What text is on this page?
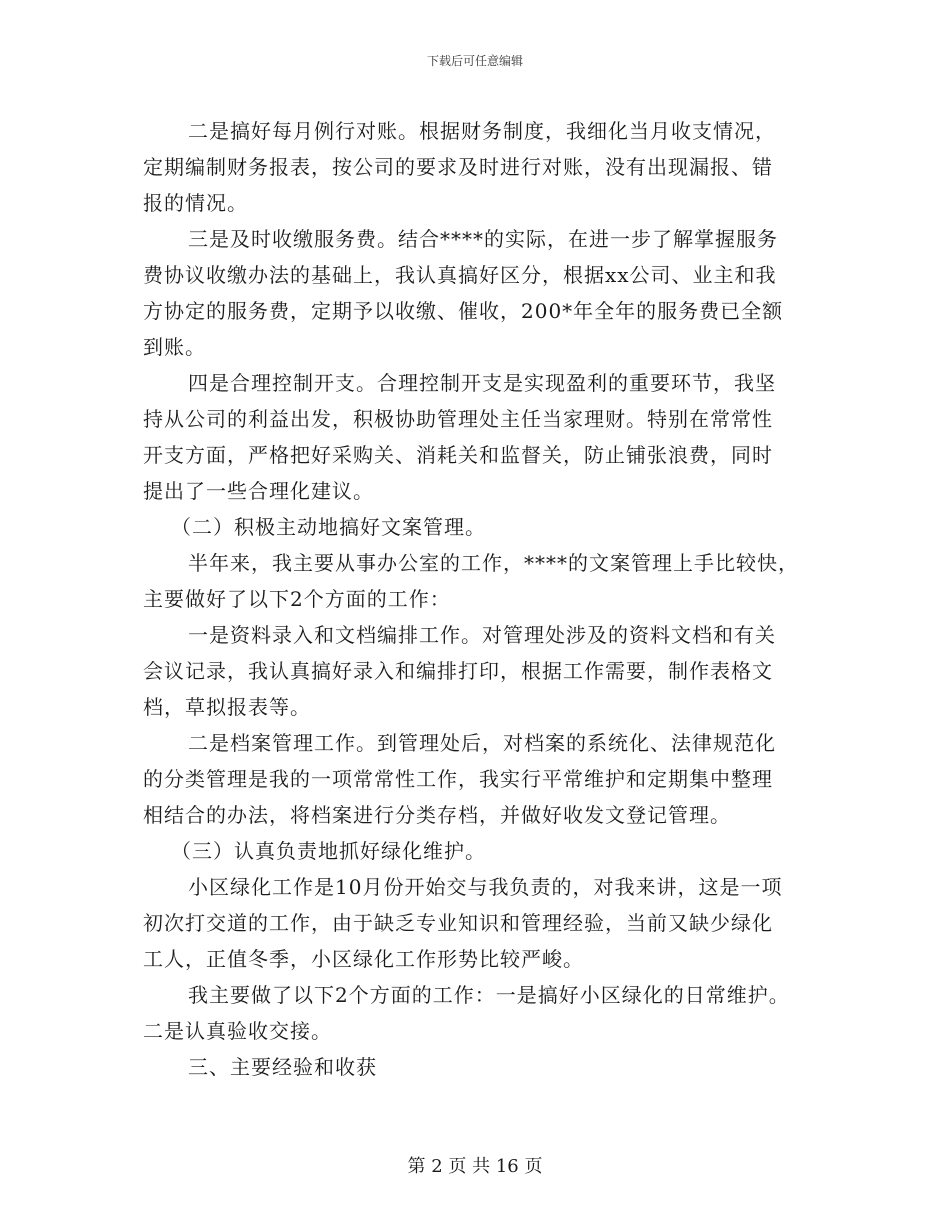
下载后可任意编辑
二是搞好每月例行对账。根据财务制度，我细化当月收支情况，
定期编制财务报表，按公司的要求及时进行对账，没有出现漏报、错
报的情况。
三是及时收缴服务费。结合****的实际，在进一步了解掌握服务
费协议收缴办法的基础上，我认真搞好区分，根据xx公司、业主和我
方协定的服务费，定期予以收缴、催收，200*年全年的服务费已全额
到账。
四是合理控制开支。合理控制开支是实现盈利的重要环节，我坚
持从公司的利益出发，积极协助管理处主任当家理财。特别在常常性
开支方面，严格把好采购关、消耗关和监督关，防止铺张浪费，同时
提出了一些合理化建议。
（二）积极主动地搞好文案管理。
半年来，我主要从事办公室的工作，****的文案管理上手比较快，
主要做好了以下2个方面的工作：
一是资料录入和文档编排工作。对管理处涉及的资料文档和有关
会议记录，我认真搞好录入和编排打印，根据工作需要，制作表格文
档，草拟报表等。
二是档案管理工作。到管理处后，对档案的系统化、法律规范化
的分类管理是我的一项常常性工作，我实行平常维护和定期集中整理
相结合的办法，将档案进行分类存档，并做好收发文登记管理。
（三）认真负责地抓好绿化维护。
小区绿化工作是10月份开始交与我负责的，对我来讲，这是一项
初次打交道的工作，由于缺乏专业知识和管理经验，当前又缺少绿化
工人，正值冬季，小区绿化工作形势比较严峻。
我主要做了以下2个方面的工作：一是搞好小区绿化的日常维护。
二是认真验收交接。
三、主要经验和收获
第 2 页 共 16 页
